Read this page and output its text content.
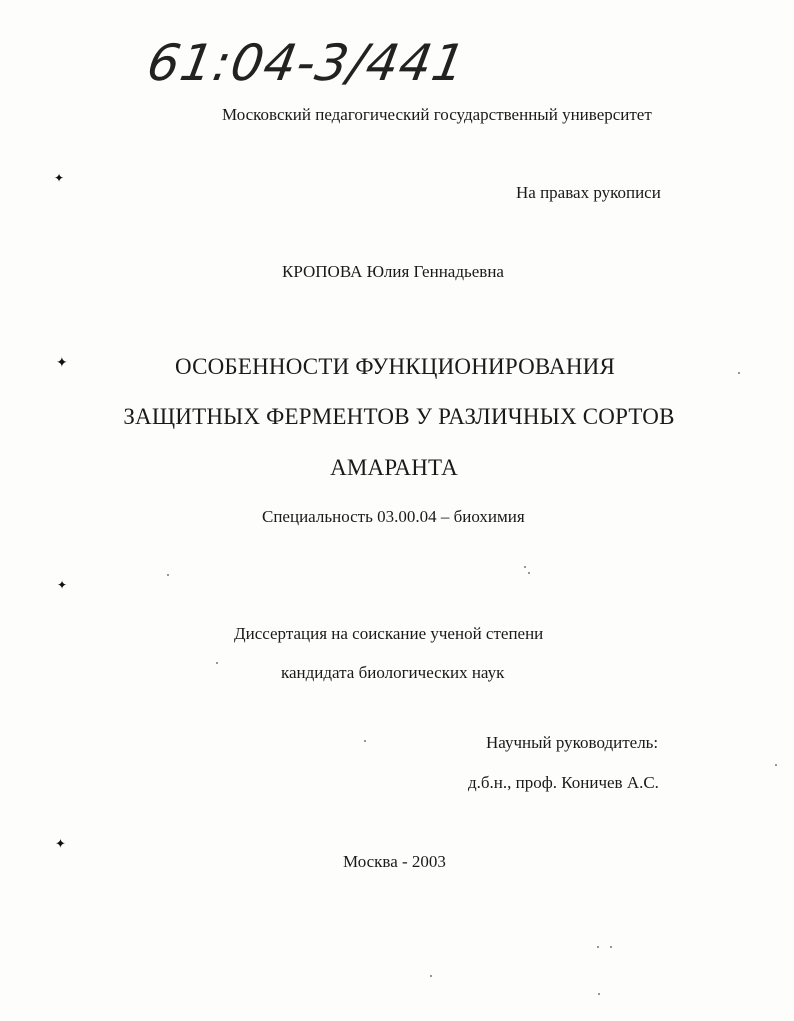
61:04-3/441
Московский педагогический государственный университет
На правах рукописи
КРОПОВА Юлия Геннадьевна
ОСОБЕННОСТИ ФУНКЦИОНИРОВАНИЯ
ЗАЩИТНЫХ ФЕРМЕНТОВ У РАЗЛИЧНЫХ СОРТОВ
АМАРАНТА
Специальность 03.00.04 – биохимия
Диссертация на соискание ученой степени
кандидата биологических наук
Научный руководитель:
д.б.н., проф. Коничев А.С.
Москва - 2003
✦
✦
✦
✦
